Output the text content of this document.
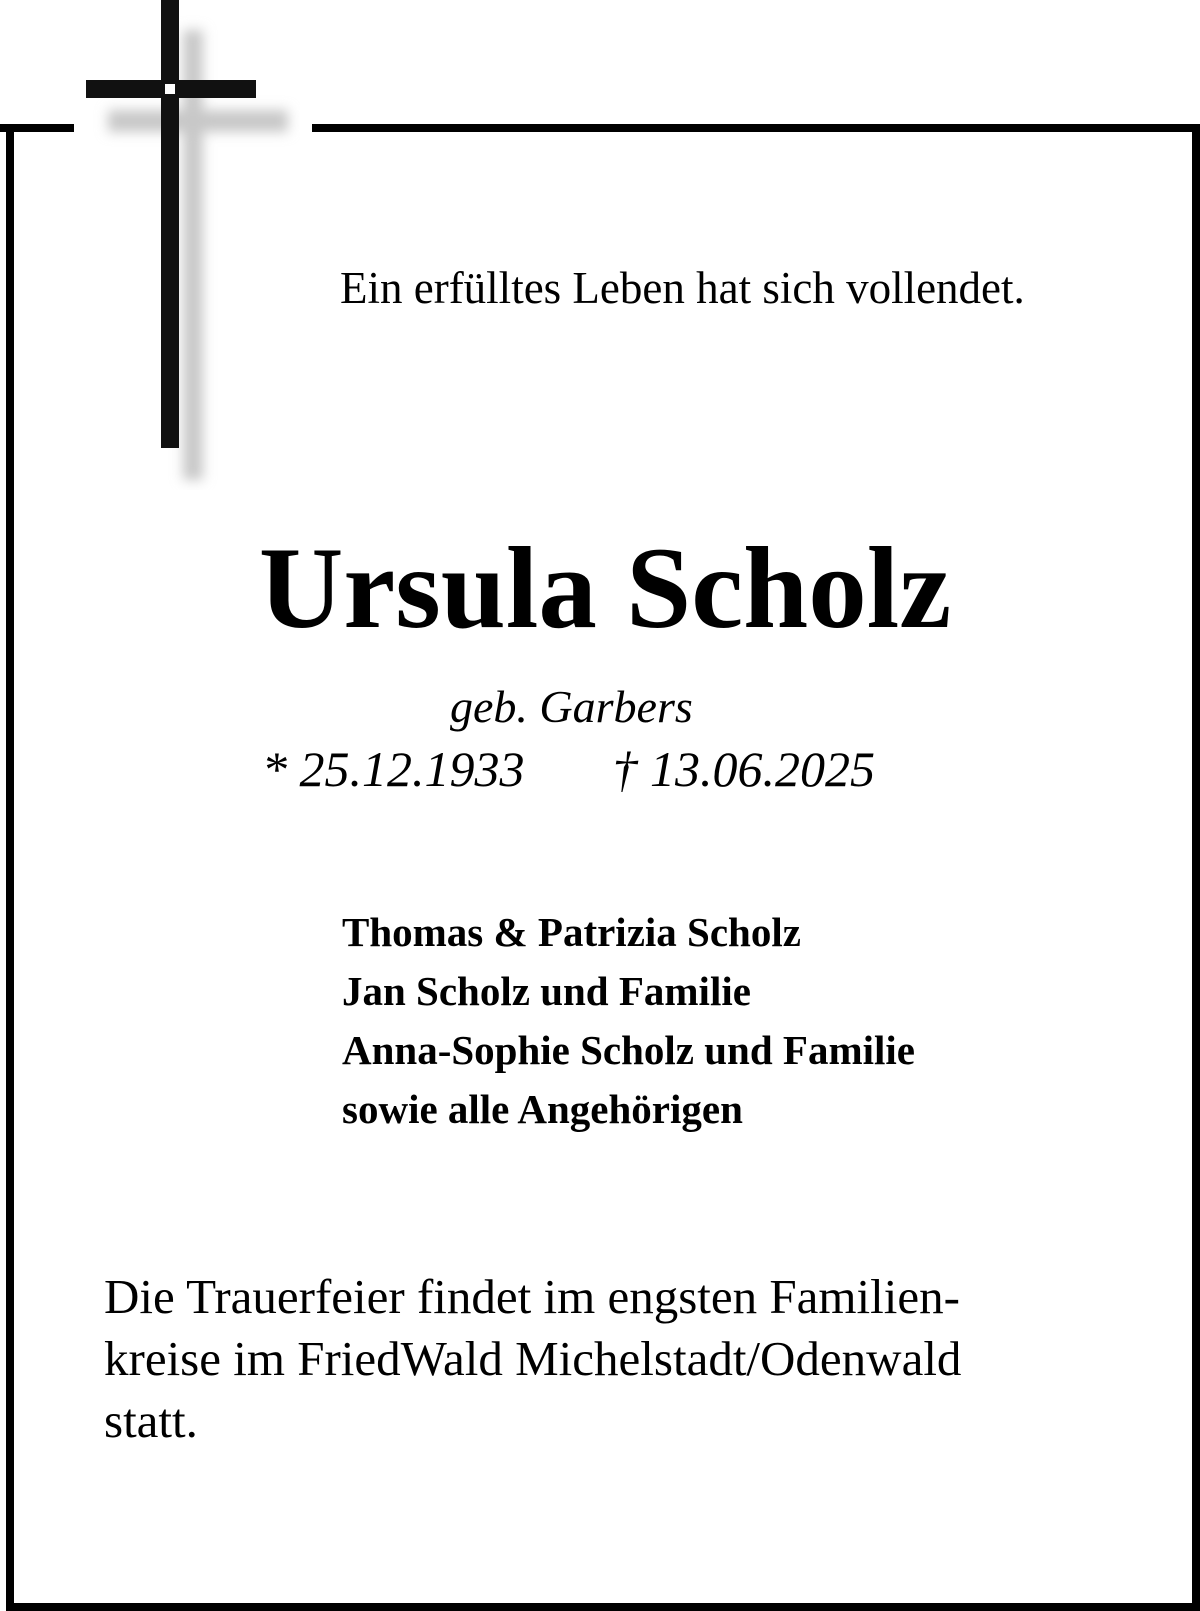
Ein erfülltes Leben hat sich vollendet.
Ursula Scholz
geb. Garbers
* 25.12.1933 † 13.06.2025
Thomas & Patrizia Scholz
Jan Scholz und Familie
Anna-Sophie Scholz und Familie
sowie alle Angehörigen
Die Trauerfeier findet im engsten Familien-
kreise im FriedWald Michelstadt/Odenwald
statt.
